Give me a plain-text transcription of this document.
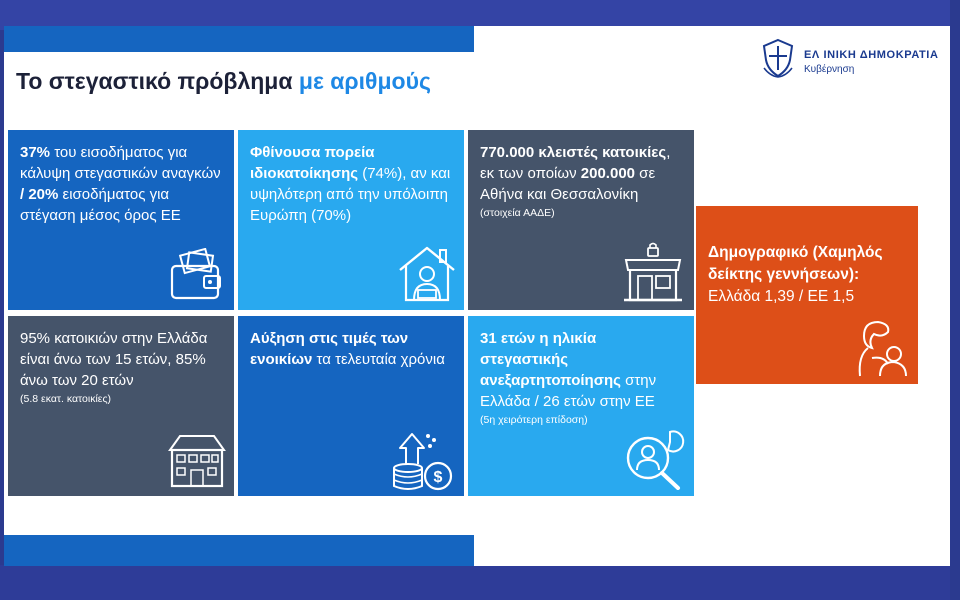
Το στεγαστικό πρόβλημα με αριθμούς
ΕΛ ΙΝΙΚΗ ΔΗΜΟΚΡΑΤΙΑ
Κυβέρνηση
37% του εισοδήματος για κάλυψη στεγαστικών αναγκών / 20% εισοδήματος για στέγαση μέσος όρος ΕΕ
Φθίνουσα πορεία ιδιοκατοίκησης (74%), αν και υψηλότερη από την υπόλοιπη Ευρώπη (70%)
770.000 κλειστές κατοικίες, εκ των οποίων 200.000 σε Αθήνα και Θεσσαλονίκη
(στοιχεία ΑΑΔΕ)
95% κατοικιών στην Ελλάδα είναι άνω των 15 ετών, 85% άνω των 20 ετών
(5.8 εκατ. κατοικίες)
Αύξηση στις τιμές των ενοικίων τα τελευταία χρόνια
$
31 ετών η ηλικία στεγαστικής ανεξαρτητοποίησης στην Ελλάδα / 26 ετών στην ΕΕ
(5η χειρότερη επίδοση)
Δημογραφικό (Χαμηλός δείκτης γεννήσεων): Ελλάδα 1,39 / ΕΕ 1,5
